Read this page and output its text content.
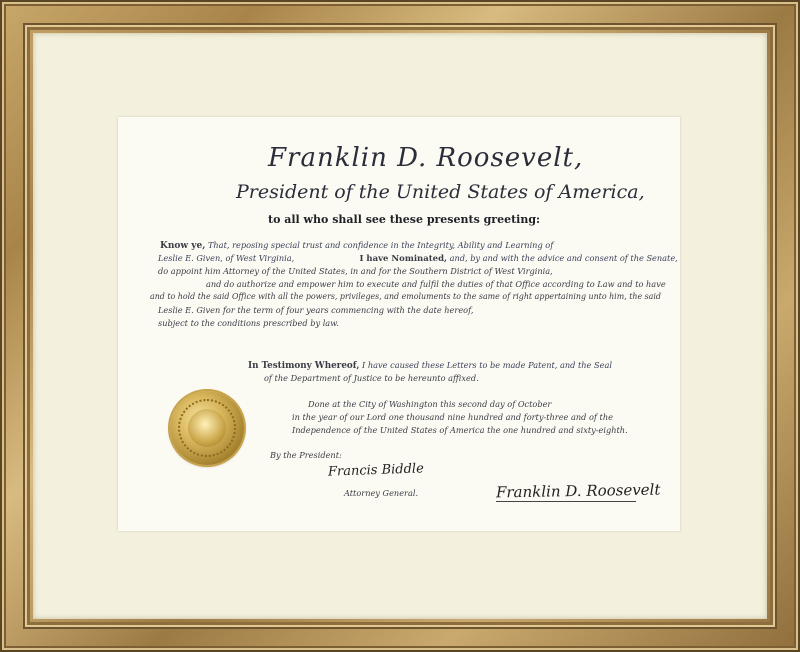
Franklin D. Roosevelt,
President of the United States of America,
to all who shall see these presents greeting:
Know ye, That, reposing special trust and confidence in the Integrity, Ability and Learning of
Leslie E. Given, of West Virginia,	I have Nominated, and, by and with the advice and consent of the Senate,
do appoint him Attorney of the United States, in and for the Southern District of West Virginia,
and do authorize and empower him to execute and fulfil the duties of that Office according to Law and to have
and to hold the said Office with all the powers, privileges, and emoluments to the same of right appertaining unto him, the said
Leslie E. Given for the term of four years commencing with the date hereof,
subject to the conditions prescribed by law.
In Testimony Whereof, I have caused these Letters to be made Patent, and the Seal
of the Department of Justice to be hereunto affixed.
Done at the City of Washington this second day of October
in the year of our Lord one thousand nine hundred and forty-three and of the
Independence of the United States of America the one hundred and sixty-eighth.
By the President:
Francis Biddle
Attorney General.	Franklin D. Roosevelt
